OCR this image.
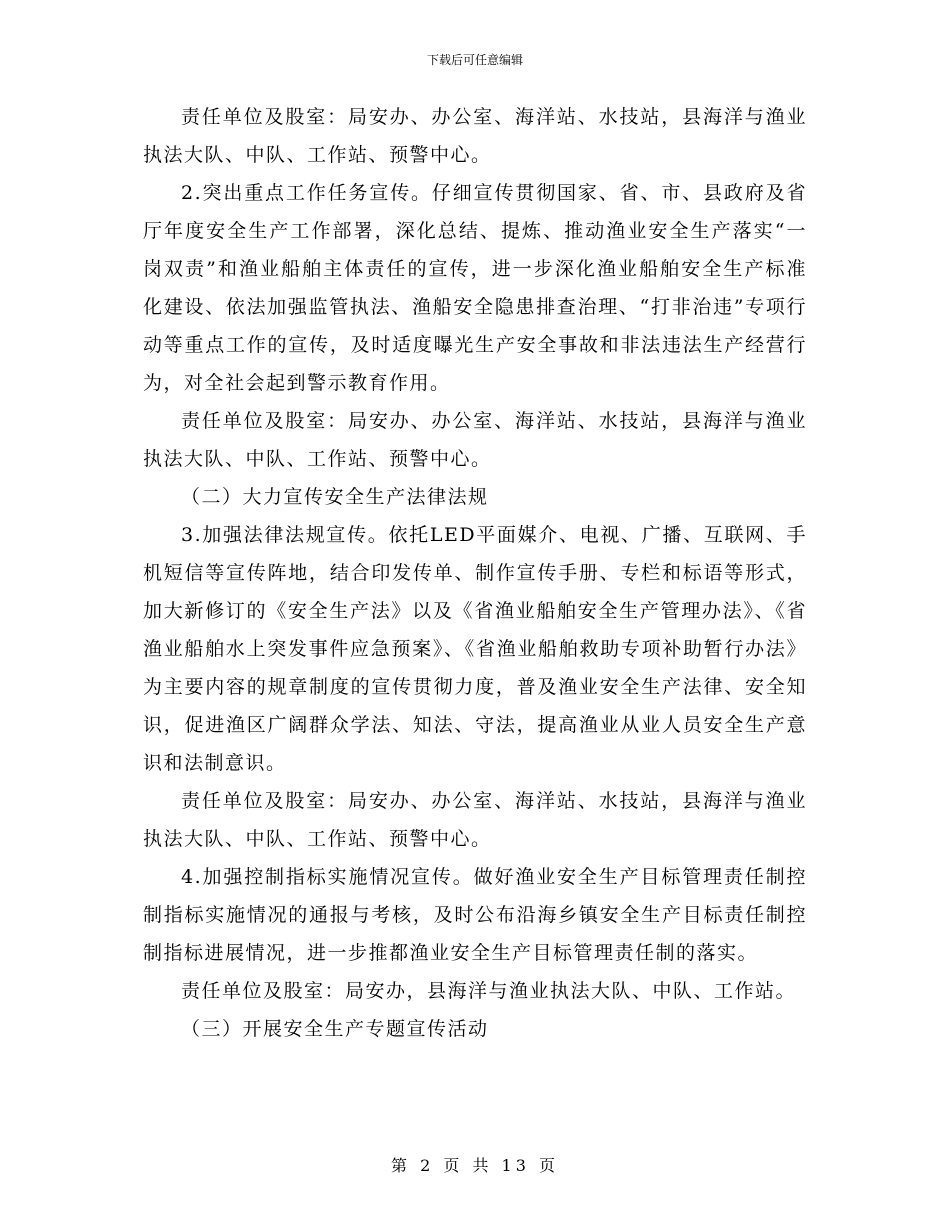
下载后可任意编辑

责任单位及股室：局安办、办公室、海洋站、水技站，县海洋与渔业执法大队、中队、工作站、预警中心。

2.突出重点工作任务宣传。仔细宣传贯彻国家、省、市、县政府及省厅年度安全生产工作部署，深化总结、提炼、推动渔业安全生产落实“一岗双责”和渔业船舶主体责任的宣传，进一步深化渔业船舶安全生产标准化建设、依法加强监管执法、渔船安全隐患排查治理、“打非治违”专项行动等重点工作的宣传，及时适度曝光生产安全事故和非法违法生产经营行为，对全社会起到警示教育作用。

责任单位及股室：局安办、办公室、海洋站、水技站，县海洋与渔业执法大队、中队、工作站、预警中心。

（二）大力宣传安全生产法律法规

3.加强法律法规宣传。依托LED平面媒介、电视、广播、互联网、手机短信等宣传阵地，结合印发传单、制作宣传手册、专栏和标语等形式，加大新修订的《安全生产法》以及《省渔业船舶安全生产管理办法》、《省渔业船舶水上突发事件应急预案》、《省渔业船舶救助专项补助暂行办法》为主要内容的规章制度的宣传贯彻力度，普及渔业安全生产法律、安全知识，促进渔区广阔群众学法、知法、守法，提高渔业从业人员安全生产意识和法制意识。

责任单位及股室：局安办、办公室、海洋站、水技站，县海洋与渔业执法大队、中队、工作站、预警中心。

4.加强控制指标实施情况宣传。做好渔业安全生产目标管理责任制控制指标实施情况的通报与考核，及时公布沿海乡镇安全生产目标责任制控制指标进展情况，进一步推都渔业安全生产目标管理责任制的落实。

责任单位及股室：局安办，县海洋与渔业执法大队、中队、工作站。

（三）开展安全生产专题宣传活动

第 2 页 共 13 页
